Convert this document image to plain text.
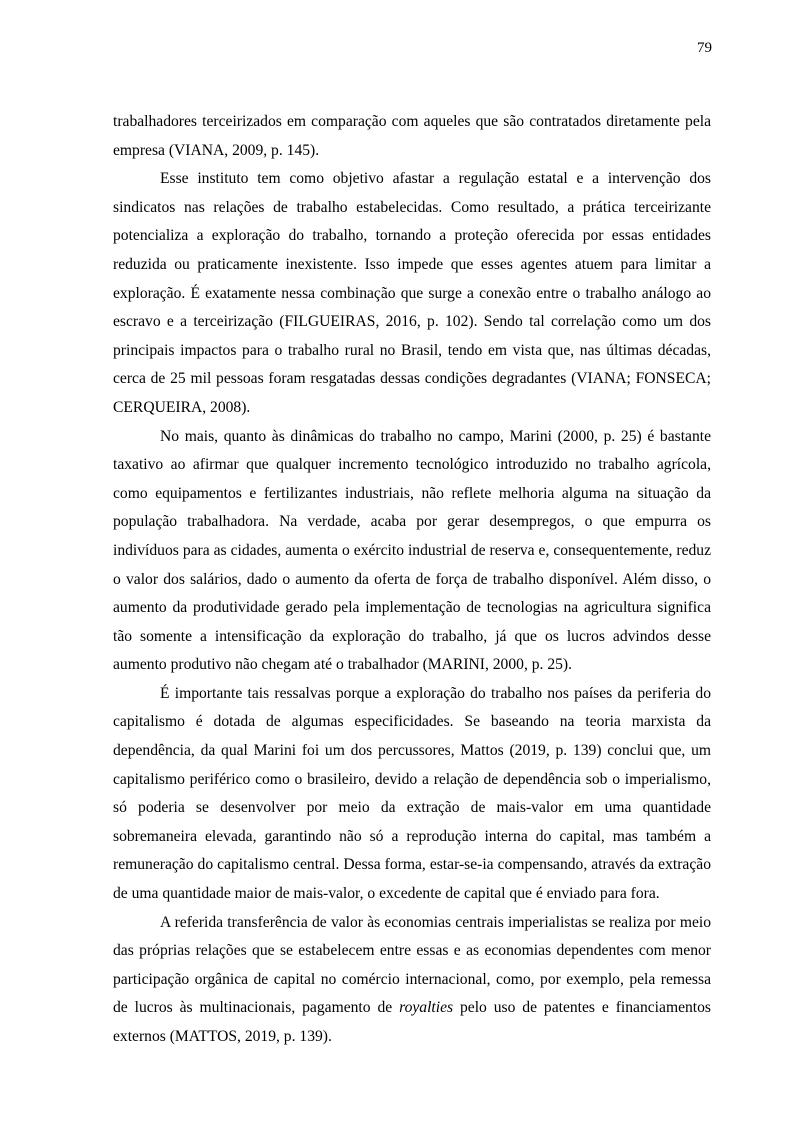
79

trabalhadores terceirizados em comparação com aqueles que são contratados diretamente pela empresa (VIANA, 2009, p. 145).

Esse instituto tem como objetivo afastar a regulação estatal e a intervenção dos sindicatos nas relações de trabalho estabelecidas. Como resultado, a prática terceirizante potencializa a exploração do trabalho, tornando a proteção oferecida por essas entidades reduzida ou praticamente inexistente. Isso impede que esses agentes atuem para limitar a exploração. É exatamente nessa combinação que surge a conexão entre o trabalho análogo ao escravo e a terceirização (FILGUEIRAS, 2016, p. 102). Sendo tal correlação como um dos principais impactos para o trabalho rural no Brasil, tendo em vista que, nas últimas décadas, cerca de 25 mil pessoas foram resgatadas dessas condições degradantes (VIANA; FONSECA; CERQUEIRA, 2008).

No mais, quanto às dinâmicas do trabalho no campo, Marini (2000, p. 25) é bastante taxativo ao afirmar que qualquer incremento tecnológico introduzido no trabalho agrícola, como equipamentos e fertilizantes industriais, não reflete melhoria alguma na situação da população trabalhadora. Na verdade, acaba por gerar desempregos, o que empurra os indivíduos para as cidades, aumenta o exército industrial de reserva e, consequentemente, reduz o valor dos salários, dado o aumento da oferta de força de trabalho disponível. Além disso, o aumento da produtividade gerado pela implementação de tecnologias na agricultura significa tão somente a intensificação da exploração do trabalho, já que os lucros advindos desse aumento produtivo não chegam até o trabalhador (MARINI, 2000, p. 25).

É importante tais ressalvas porque a exploração do trabalho nos países da periferia do capitalismo é dotada de algumas especificidades. Se baseando na teoria marxista da dependência, da qual Marini foi um dos percussores, Mattos (2019, p. 139) conclui que, um capitalismo periférico como o brasileiro, devido a relação de dependência sob o imperialismo, só poderia se desenvolver por meio da extração de mais-valor em uma quantidade sobremaneira elevada, garantindo não só a reprodução interna do capital, mas também a remuneração do capitalismo central. Dessa forma, estar-se-ia compensando, através da extração de uma quantidade maior de mais-valor, o excedente de capital que é enviado para fora.

A referida transferência de valor às economias centrais imperialistas se realiza por meio das próprias relações que se estabelecem entre essas e as economias dependentes com menor participação orgânica de capital no comércio internacional, como, por exemplo, pela remessa de lucros às multinacionais, pagamento de royalties pelo uso de patentes e financiamentos externos (MATTOS, 2019, p. 139).
